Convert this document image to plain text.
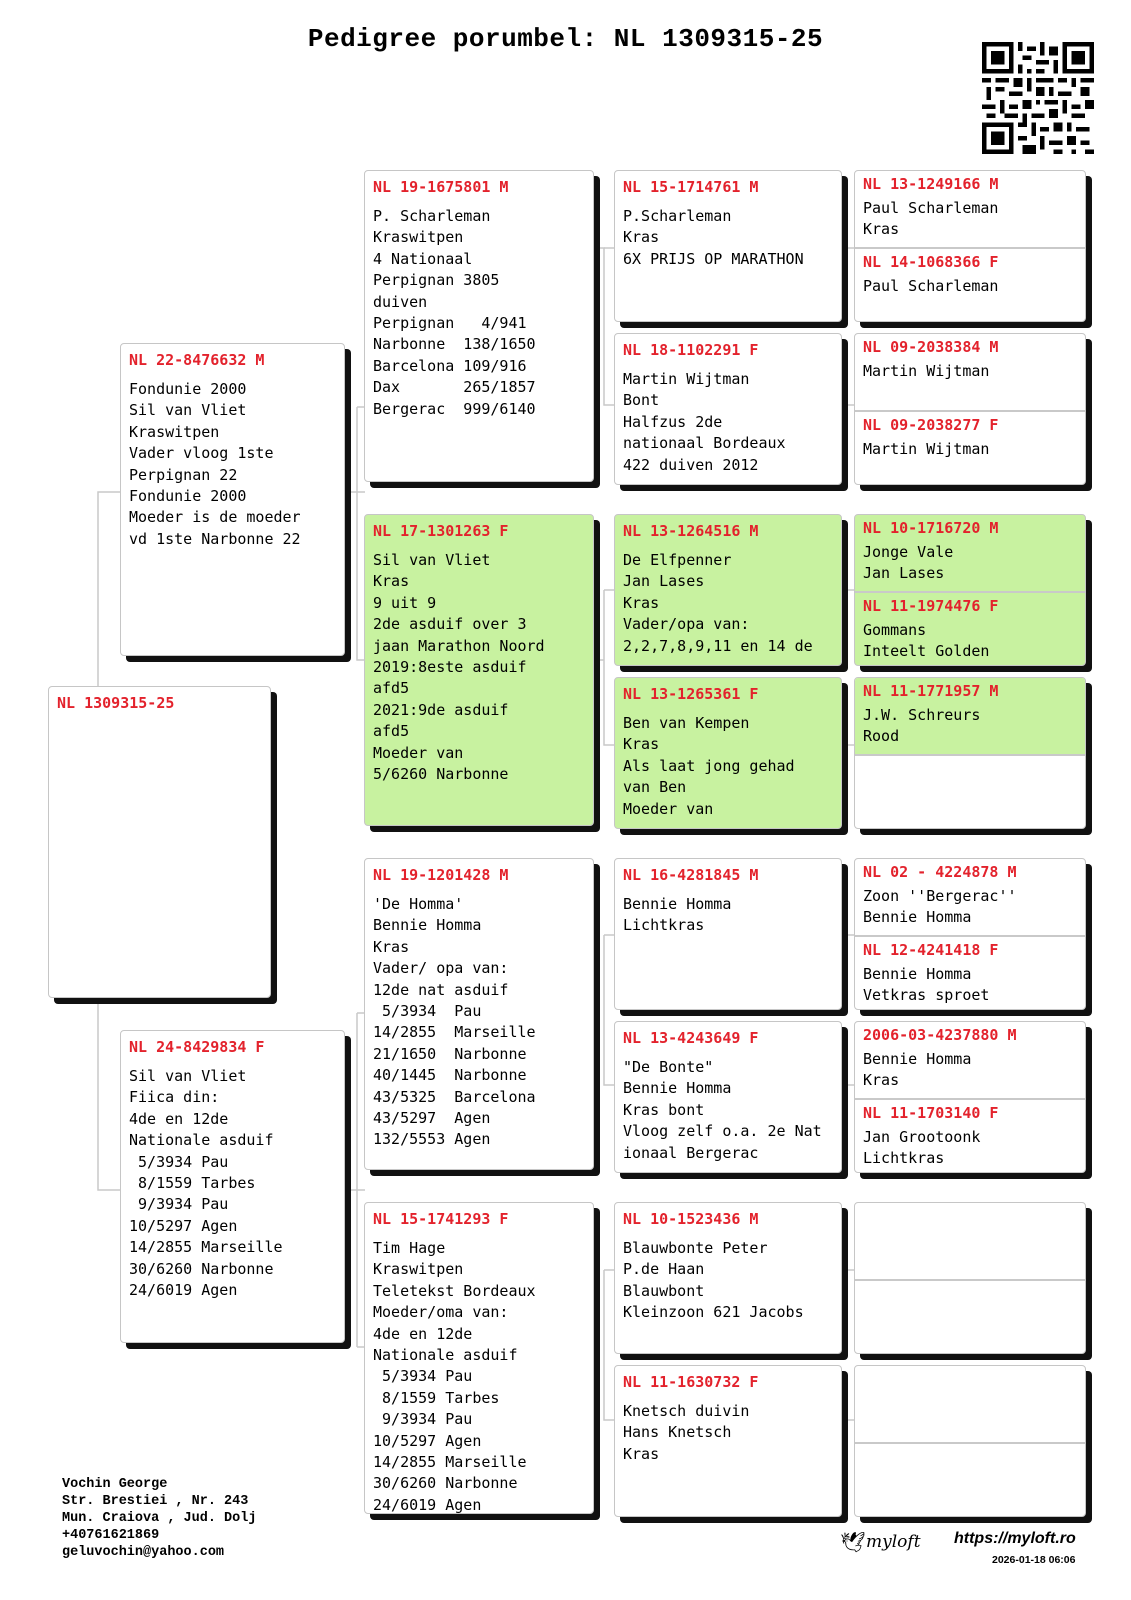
Pedigree porumbel: NL 1309315-25
NL 1309315-25
NL 22-8476632 M
Fondunie 2000
Sil van Vliet
Kraswitpen
Vader vloog 1ste
Perpignan 22
Fondunie 2000
Moeder is de moeder
vd 1ste Narbonne 22
NL 24-8429834 F
Sil van Vliet
Fiica din:
4de en 12de
Nationale asduif
5/3934 Pau
8/1559 Tarbes
9/3934 Pau
10/5297 Agen
14/2855 Marseille
30/6260 Narbonne
24/6019 Agen
NL 19-1675801 M
P. Scharleman
Kraswitpen
4 Nationaal
Perpignan 3805
duiven
Perpignan   4/941
Narbonne  138/1650
Barcelona 109/916
Dax       265/1857
Bergerac  999/6140
NL 17-1301263 F
Sil van Vliet
Kras
9 uit 9
2de asduif over 3
jaan Marathon Noord
2019:8este asduif
afd5
2021:9de asduif
afd5
Moeder van
5/6260 Narbonne
NL 19-1201428 M
'De Homma'
Bennie Homma
Kras
Vader/ opa van:
12de nat asduif
5/3934  Pau
14/2855  Marseille
21/1650  Narbonne
40/1445  Narbonne
43/5325  Barcelona
43/5297  Agen
132/5553 Agen
NL 15-1741293 F
Tim Hage
Kraswitpen
Teletekst Bordeaux
Moeder/oma van:
4de en 12de
Nationale asduif
5/3934 Pau
8/1559 Tarbes
9/3934 Pau
10/5297 Agen
14/2855 Marseille
30/6260 Narbonne
24/6019 Agen
NL 15-1714761 M
P.Scharleman
Kras
6X PRIJS OP MARATHON
NL 18-1102291 F
Martin Wijtman
Bont
Halfzus 2de
nationaal Bordeaux
422 duiven 2012
NL 13-1264516 M
De Elfpenner
Jan Lases
Kras
Vader/opa van:
2,2,7,8,9,11 en 14 de
NL 13-1265361 F
Ben van Kempen
Kras
Als laat jong gehad
van Ben
Moeder van
NL 16-4281845 M
Bennie Homma
Lichtkras
NL 13-4243649 F
"De Bonte"
Bennie Homma
Kras bont
Vloog zelf o.a. 2e Nat
ionaal Bergerac
NL 10-1523436 M
Blauwbonte Peter
P.de Haan
Blauwbont
Kleinzoon 621 Jacobs
NL 11-1630732 F
Knetsch duivin
Hans Knetsch
Kras
NL 13-1249166 M
Paul Scharleman
Kras
NL 14-1068366 F
Paul Scharleman
NL 09-2038384 M
Martin Wijtman
NL 09-2038277 F
Martin Wijtman
NL 10-1716720 M
Jonge Vale
Jan Lases
NL 11-1974476 F
Gommans
Inteelt Golden
NL 11-1771957 M
J.W. Schreurs
Rood
NL 02 - 4224878 M
Zoon ''Bergerac''
Bennie Homma
NL 12-4241418 F
Bennie Homma
Vetkras sproet
2006-03-4237880 M
Bennie Homma
Kras
NL 11-1703140 F
Jan Grootoonk
Lichtkras
Vochin George
Str. Brestiei , Nr. 243
Mun. Craiova , Jud. Dolj
+40761621869
geluvochin@yahoo.com	🕊 myloft https://myloft.ro
2026-01-18 06:06
